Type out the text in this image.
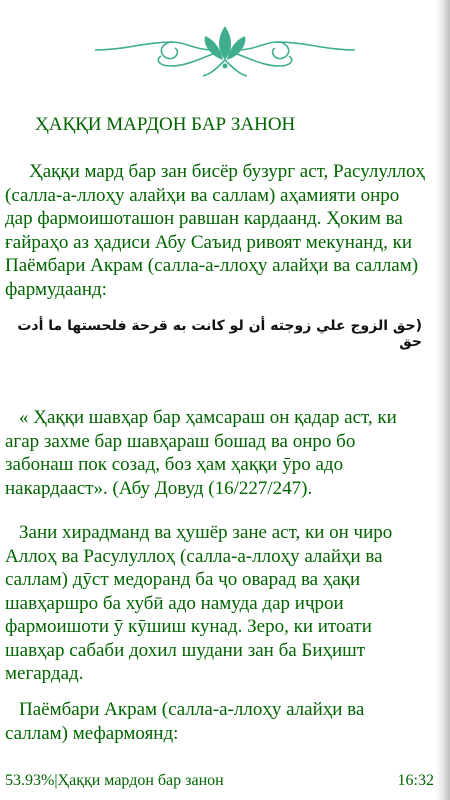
ҲАҚҚИ МАРДОН БАР ЗАНОН
Ҳаққи мард бар зан бисёр бузург аст, Расулуллоҳ (салла-а-ллоҳу алайҳи ва саллам) аҳамияти онро дар фармоишоташон равшан кардаанд. Ҳоким ва ғайраҳо аз ҳадиси Абу Саъид ривоят мекунанд, ки Паёмбари Акрам (салла-а-ллоҳу алайҳи ва саллам) фармудаанд:
(حق الزوج علي زوجته أن لو كانت به قرحة فلحستها ما أدت حق
« Ҳаққи шавҳар бар ҳамсараш он қадар аст, ки агар захме бар шавҳараш бошад ва онро бо забонаш пок созад, боз ҳам ҳаққи ӯро адо накардааст». (Абу Довуд (16/227/247).
Зани хирадманд ва ҳушёр зане аст, ки он чиро Аллоҳ ва Расулуллоҳ (салла-а-ллоҳу алайҳи ва саллам) дӯст медоранд ба ҷо оварад ва ҳақи шавҳаршро ба хубӣ адо намуда дар иҷрои фармоишоти ӯ кӯшиш кунад. Зеро, ки итоати шавҳар сабаби дохил шудани зан ба Биҳишт мегардад.
Паёмбари Акрам (салла-а-ллоҳу алайҳи ва саллам) мефармоянд:
53.93%|Ҳаққи мардон бар занон	16:32
